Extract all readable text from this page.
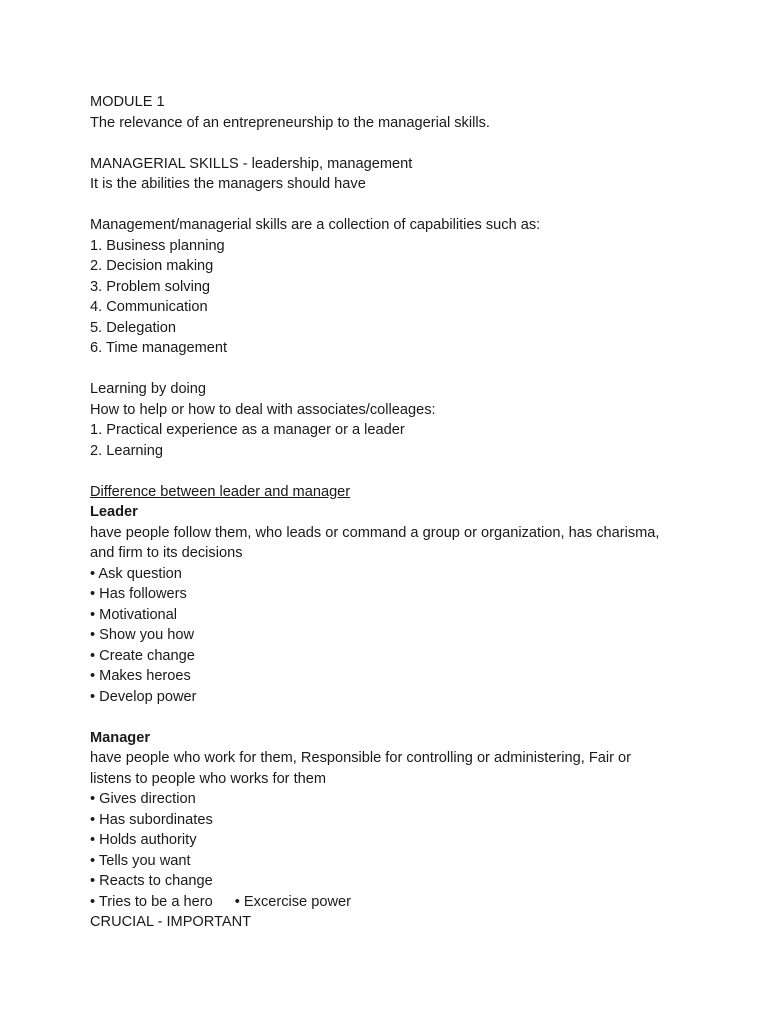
MODULE 1
The relevance of an entrepreneurship to the managerial skills.
MANAGERIAL SKILLS - leadership, management
It is the abilities the managers should have
Management/managerial skills are a collection of capabilities such as:
1. Business planning
2. Decision making
3. Problem solving
4. Communication
5. Delegation
6. Time management
Learning by doing
How to help or how to deal with associates/colleages:
1. Practical experience as a manager or a leader
2. Learning
Difference between leader and manager
Leader
have people follow them, who leads or command a group or organization, has charisma, and firm to its decisions
• Ask question
• Has followers
• Motivational
• Show you how
• Create change
• Makes heroes
• Develop power
Manager
have people who work for them, Responsible for controlling or administering, Fair or listens to people who works for them
• Gives direction
• Has subordinates
• Holds authority
• Tells you want
• Reacts to change
• Tries to be a hero • Excercise power
CRUCIAL - IMPORTANT
